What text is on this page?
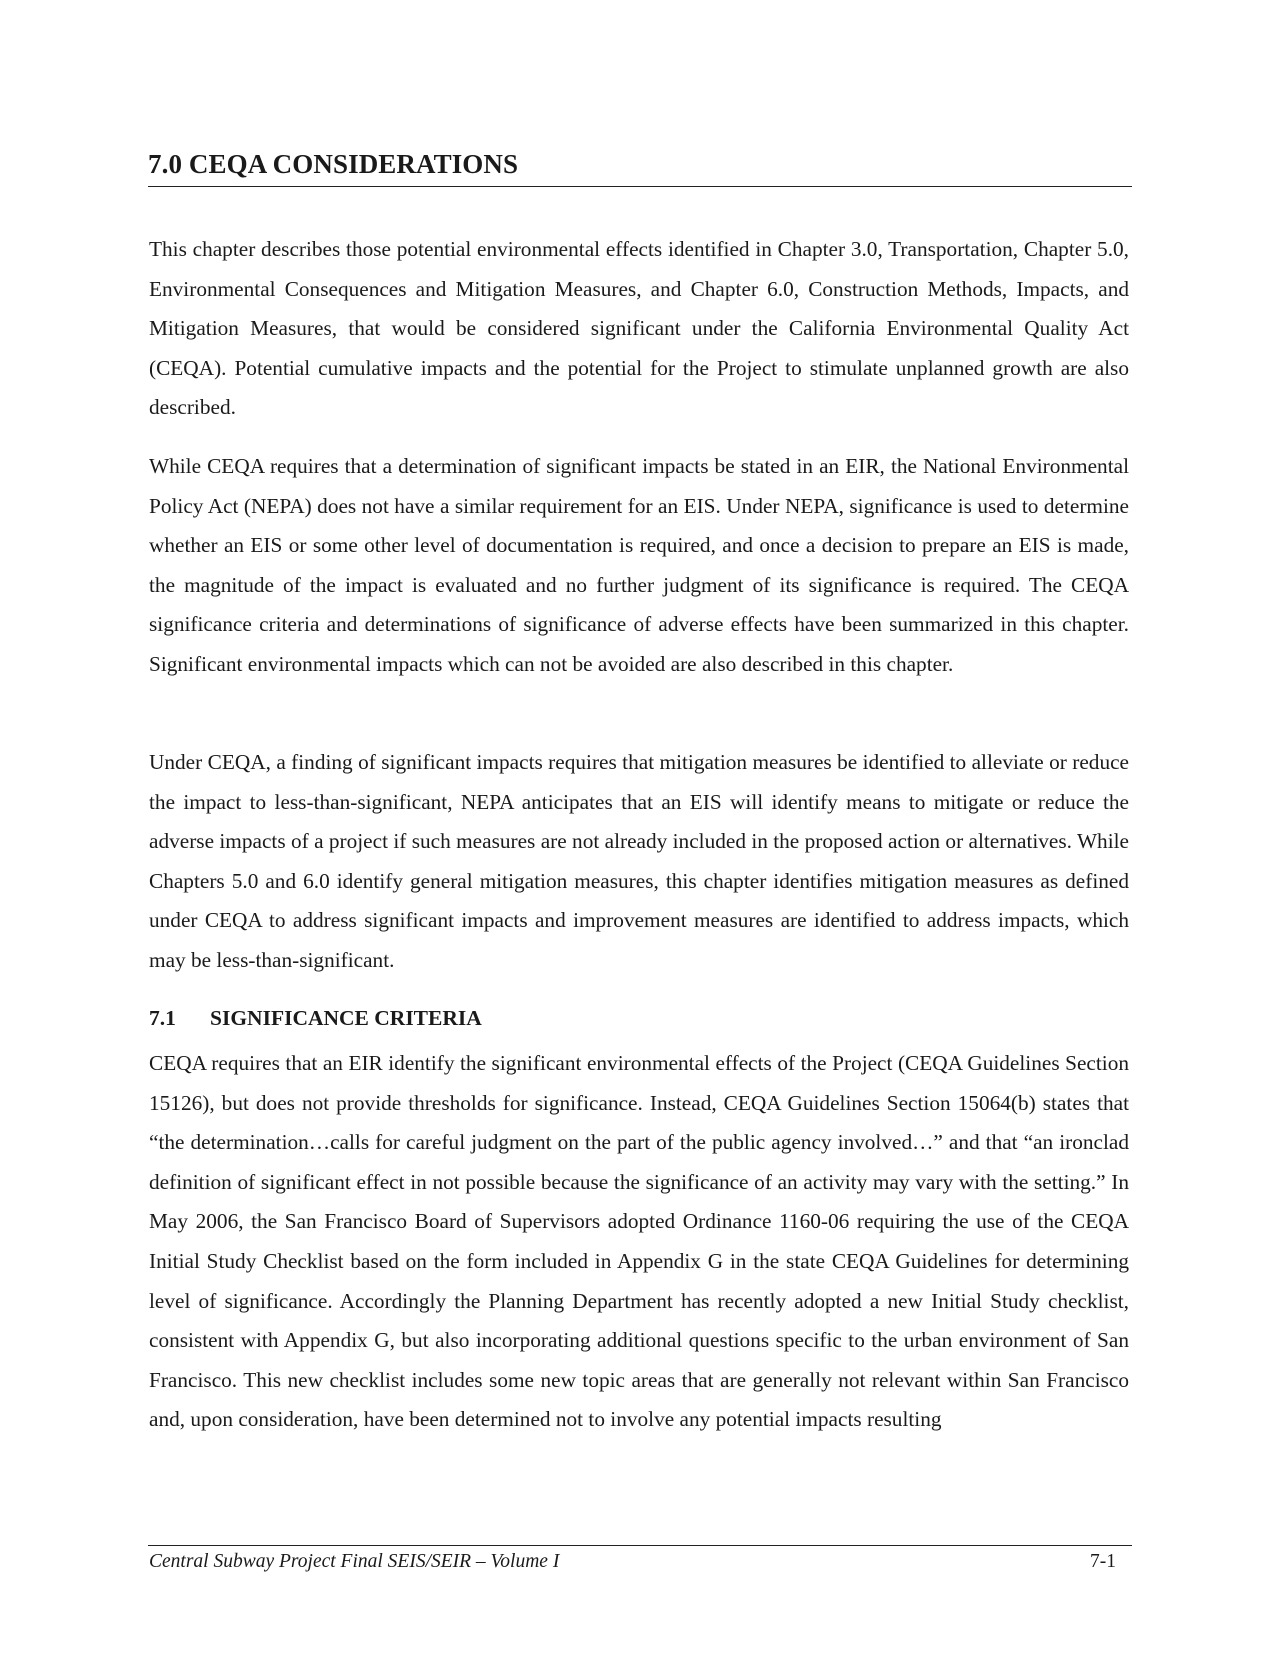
7.0 CEQA CONSIDERATIONS

This chapter describes those potential environmental effects identified in Chapter 3.0, Transportation, Chapter 5.0, Environmental Consequences and Mitigation Measures, and Chapter 6.0, Construction Methods, Impacts, and Mitigation Measures, that would be considered significant under the California Environmental Quality Act (CEQA). Potential cumulative impacts and the potential for the Project to stimulate unplanned growth are also described.

While CEQA requires that a determination of significant impacts be stated in an EIR, the National Environmental Policy Act (NEPA) does not have a similar requirement for an EIS. Under NEPA, significance is used to determine whether an EIS or some other level of documentation is required, and once a decision to prepare an EIS is made, the magnitude of the impact is evaluated and no further judgment of its significance is required. The CEQA significance criteria and determinations of significance of adverse effects have been summarized in this chapter. Significant environmental impacts which can not be avoided are also described in this chapter.

Under CEQA, a finding of significant impacts requires that mitigation measures be identified to alleviate or reduce the impact to less-than-significant, NEPA anticipates that an EIS will identify means to mitigate or reduce the adverse impacts of a project if such measures are not already included in the proposed action or alternatives. While Chapters 5.0 and 6.0 identify general mitigation measures, this chapter identifies mitigation measures as defined under CEQA to address significant impacts and improvement measures are identified to address impacts, which may be less-than-significant.

7.1 SIGNIFICANCE CRITERIA

CEQA requires that an EIR identify the significant environmental effects of the Project (CEQA Guidelines Section 15126), but does not provide thresholds for significance. Instead, CEQA Guidelines Section 15064(b) states that “the determination…calls for careful judgment on the part of the public agency involved…” and that “an ironclad definition of significant effect in not possible because the significance of an activity may vary with the setting.” In May 2006, the San Francisco Board of Supervisors adopted Ordinance 1160-06 requiring the use of the CEQA Initial Study Checklist based on the form included in Appendix G in the state CEQA Guidelines for determining level of significance. Accordingly the Planning Department has recently adopted a new Initial Study checklist, consistent with Appendix G, but also incorporating additional questions specific to the urban environment of San Francisco. This new checklist includes some new topic areas that are generally not relevant within San Francisco and, upon consideration, have been determined not to involve any potential impacts resulting

Central Subway Project Final SEIS/SEIR – Volume I	7-1
